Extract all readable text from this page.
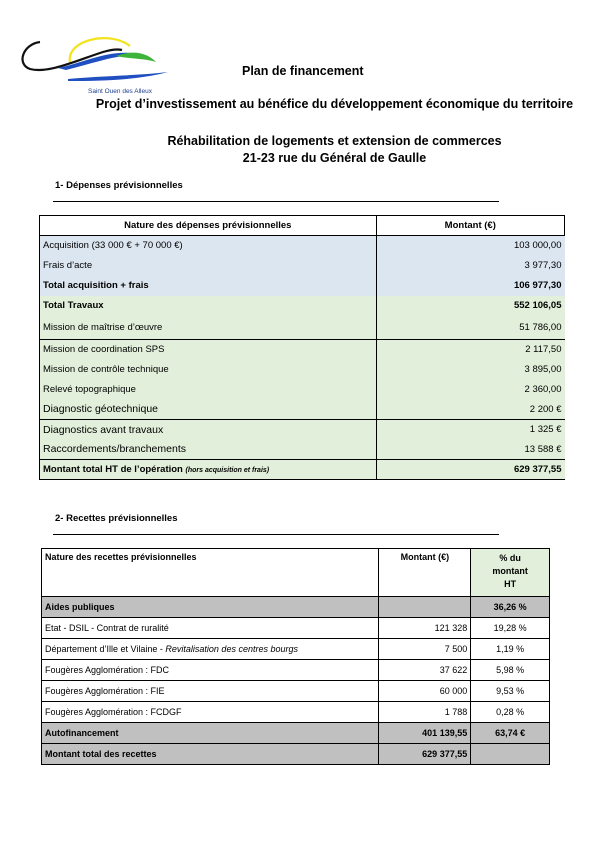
Saint Ouen des Alleux
Plan de financement
Projet d’investissement au bénéfice du développement économique du territoire
Réhabilitation de logements et extension de commerces
21-23 rue du Général de Gaulle
1- Dépenses prévisionnelles
Nature des dépenses prévisionnelles	Montant (€)
Acquisition (33 000 € + 70 000 €)	103 000,00
Frais d’acte	3 977,30
Total acquisition + frais	106 977,30
Total Travaux	552 106,05
Mission de maîtrise d’œuvre	51 786,00
Mission de coordination SPS	2 117,50
Mission de contrôle technique	3 895,00
Relevé topographique	2 360,00
Diagnostic géotechnique	2 200 €
Diagnostics avant travaux	1 325 €
Raccordements/branchements	13 588 €
Montant total HT de l’opération (hors acquisition et frais)	629 377,55
2- Recettes prévisionnelles
Nature des recettes prévisionnelles	Montant (€)	% du
montant
HT

Aides publiques		36,26 %
Etat - DSIL - Contrat de ruralité	121 328	19,28 %
Département d’Ille et Vilaine - Revitalisation des centres bourgs	7 500	1,19 %
Fougères Agglomération : FDC	37 622	5,98 %
Fougères Agglomération : FIE	60 000	9,53 %
Fougères Agglomération : FCDGF	1 788	0,28 %
Autofinancement	401 139,55	63,74 €
Montant total des recettes	629 377,55	
